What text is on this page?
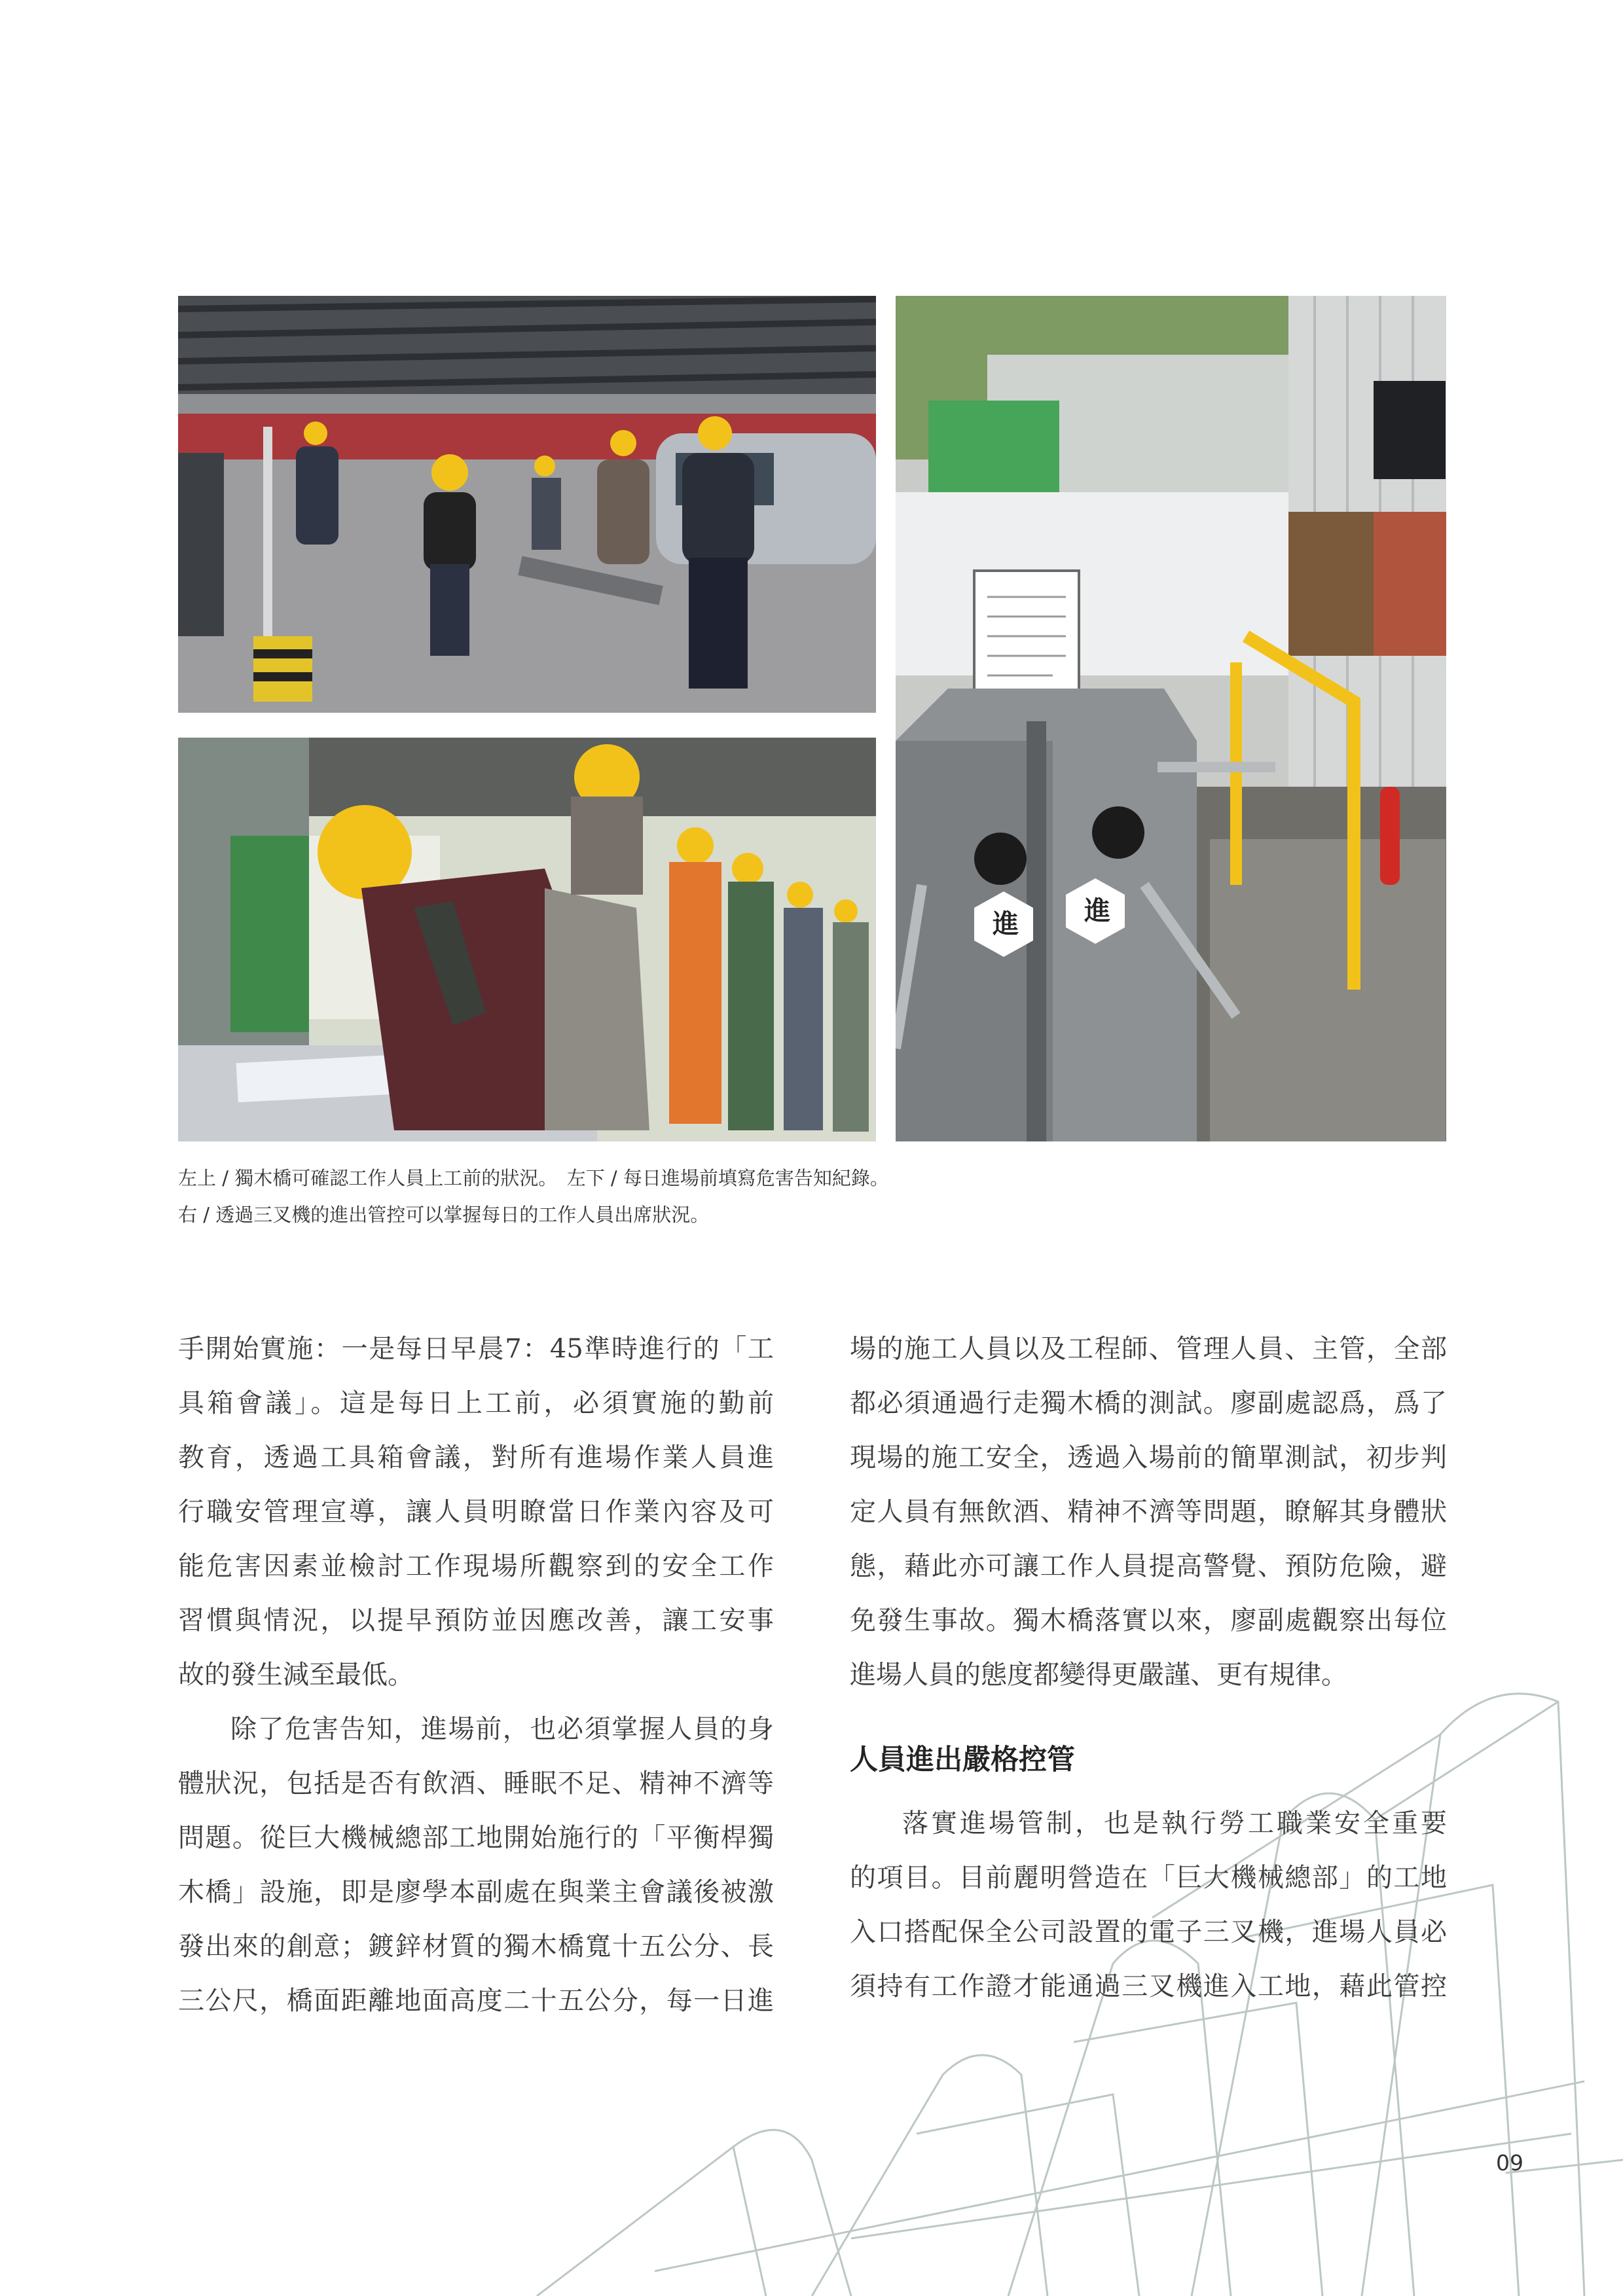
進	進
左上 / 獨木橋可確認工作人員上工前的狀況。　左下 / 每日進場前填寫危害告知紀錄。
右 / 透過三叉機的進出管控可以掌握每日的工作人員出席狀況。

手開始實施：一是每日早晨7：45準時進行的「工

具箱會議」。這是每日上工前，必須實施的勤前

教育，透過工具箱會議，對所有進場作業人員進

行職安管理宣導，讓人員明瞭當日作業內容及可

能危害因素並檢討工作現場所觀察到的安全工作

習慣與情況，以提早預防並因應改善，讓工安事

故的發生減至最低。

除了危害告知，進場前，也必須掌握人員的身

體狀況，包括是否有飲酒、睡眠不足、精神不濟等

問題。從巨大機械總部工地開始施行的「平衡桿獨

木橋」設施，即是廖學本副處在與業主會議後被激

發出來的創意；鍍鋅材質的獨木橋寬十五公分、長

三公尺，橋面距離地面高度二十五公分，每一日進

場的施工人員以及工程師、管理人員、主管，全部

都必須通過行走獨木橋的測試。廖副處認爲，爲了

現場的施工安全，透過入場前的簡單測試，初步判

定人員有無飲酒、精神不濟等問題，瞭解其身體狀

態，藉此亦可讓工作人員提高警覺、預防危險，避

免發生事故。獨木橋落實以來，廖副處觀察出每位

進場人員的態度都變得更嚴謹、更有規律。

人員進出嚴格控管

落實進場管制，也是執行勞工職業安全重要

的項目。目前麗明營造在「巨大機械總部」的工地

入口搭配保全公司設置的電子三叉機，進場人員必

須持有工作證才能通過三叉機進入工地，藉此管控

09
